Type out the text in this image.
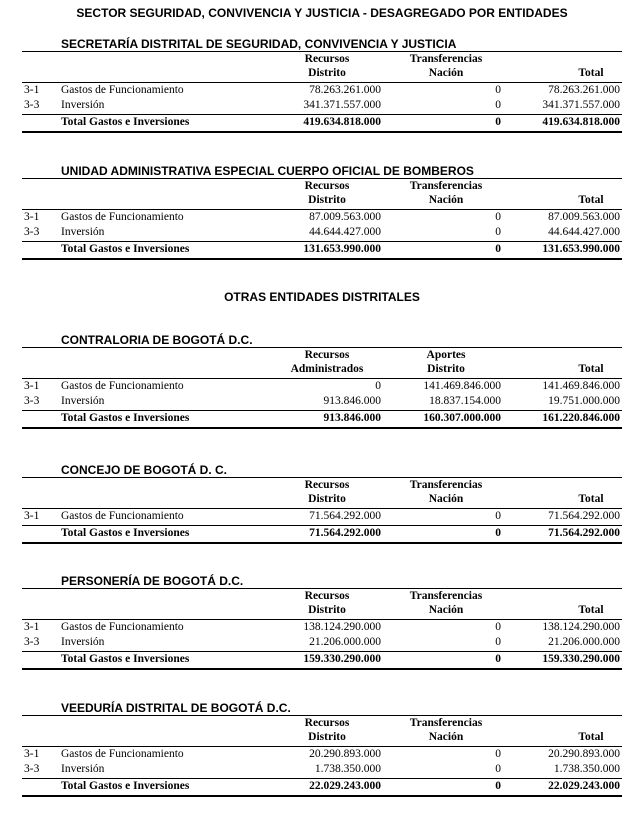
SECTOR SEGURIDAD, CONVIVENCIA Y JUSTICIA - DESAGREGADO POR ENTIDADES
OTRAS ENTIDADES DISTRITALES
SECRETARÍA DISTRITAL DE SEGURIDAD, CONVIVENCIA Y JUSTICIA
Recursos
Distrito
Transferencias
Nación	Total
3-1 Gastos de Funcionamiento	78.263.261.000	0	78.263.261.000
3-3 Inversión	341.371.557.000	0	341.371.557.000
Total Gastos e Inversiones	419.634.818.000	0	419.634.818.000
UNIDAD ADMINISTRATIVA ESPECIAL CUERPO OFICIAL DE BOMBEROS
Recursos
Distrito
Transferencias
Nación	Total
3-1 Gastos de Funcionamiento	87.009.563.000	0	87.009.563.000
3-3 Inversión	44.644.427.000	0	44.644.427.000
Total Gastos e Inversiones	131.653.990.000	0	131.653.990.000
CONTRALORIA DE BOGOTÁ D.C.
Recursos
Administrados
Aportes
Distrito	Total
3-1 Gastos de Funcionamiento	0	141.469.846.000	141.469.846.000
3-3 Inversión	913.846.000	18.837.154.000	19.751.000.000
Total Gastos e Inversiones	913.846.000	160.307.000.000	161.220.846.000
CONCEJO DE BOGOTÁ D. C.
Recursos
Distrito
Transferencias
Nación	Total
3-1 Gastos de Funcionamiento	71.564.292.000	0	71.564.292.000
Total Gastos e Inversiones	71.564.292.000	0	71.564.292.000
PERSONERÍA DE BOGOTÁ D.C.
Recursos
Distrito
Transferencias
Nación	Total
3-1 Gastos de Funcionamiento	138.124.290.000	0	138.124.290.000
3-3 Inversión	21.206.000.000	0	21.206.000.000
Total Gastos e Inversiones	159.330.290.000	0	159.330.290.000
VEEDURÍA DISTRITAL DE BOGOTÁ D.C.
Recursos
Distrito
Transferencias
Nación	Total
3-1 Gastos de Funcionamiento	20.290.893.000	0	20.290.893.000
3-3 Inversión	1.738.350.000	0	1.738.350.000
Total Gastos e Inversiones	22.029.243.000	0	22.029.243.000
